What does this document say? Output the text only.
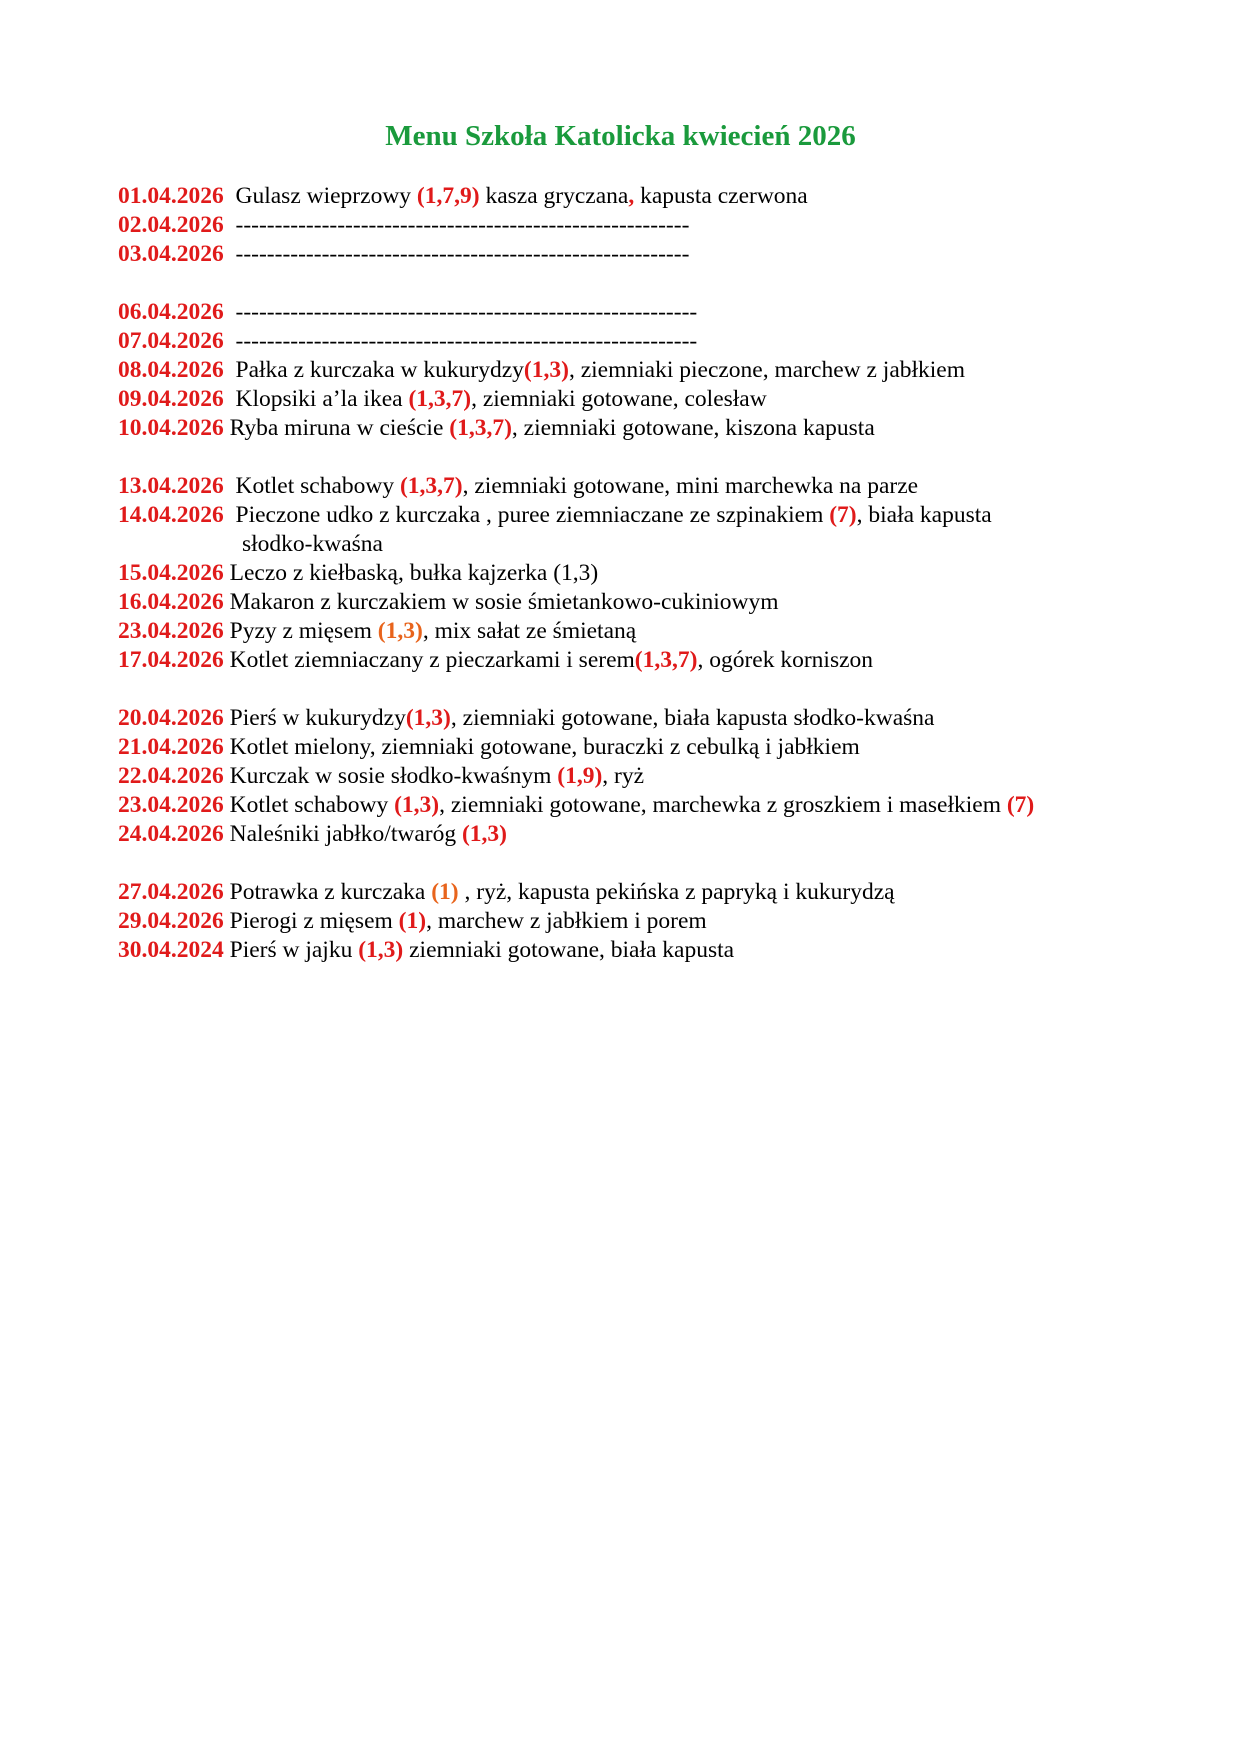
Menu Szkoła Katolicka kwiecień 2026
01.04.2026 Gulasz wieprzowy (1,7,9) kasza gryczana, kapusta czerwona
02.04.2026 ----------------------------------------------------------
03.04.2026 ----------------------------------------------------------
06.04.2026 -----------------------------------------------------------
07.04.2026 -----------------------------------------------------------
08.04.2026 Pałka z kurczaka w kukurydzy(1,3), ziemniaki pieczone, marchew z jabłkiem
09.04.2026 Klopsiki a’la ikea (1,3,7), ziemniaki gotowane, colesław
10.04.2026 Ryba miruna w cieście (1,3,7), ziemniaki gotowane, kiszona kapusta
13.04.2026 Kotlet schabowy (1,3,7), ziemniaki gotowane, mini marchewka na parze
14.04.2026 Pieczone udko z kurczaka , puree ziemniaczane ze szpinakiem (7), biała kapusta
słodko-kwaśna
15.04.2026 Leczo z kiełbaską, bułka kajzerka (1,3)
16.04.2026 Makaron z kurczakiem w sosie śmietankowo-cukiniowym
23.04.2026 Pyzy z mięsem (1,3), mix sałat ze śmietaną
17.04.2026 Kotlet ziemniaczany z pieczarkami i serem(1,3,7), ogórek korniszon
20.04.2026 Pierś w kukurydzy(1,3), ziemniaki gotowane, biała kapusta słodko-kwaśna
21.04.2026 Kotlet mielony, ziemniaki gotowane, buraczki z cebulką i jabłkiem
22.04.2026 Kurczak w sosie słodko-kwaśnym (1,9), ryż
23.04.2026 Kotlet schabowy (1,3), ziemniaki gotowane, marchewka z groszkiem i masełkiem (7)
24.04.2026 Naleśniki jabłko/twaróg (1,3)
27.04.2026 Potrawka z kurczaka (1) , ryż, kapusta pekińska z papryką i kukurydzą
29.04.2026 Pierogi z mięsem (1), marchew z jabłkiem i porem
30.04.2024 Pierś w jajku (1,3) ziemniaki gotowane, biała kapusta
